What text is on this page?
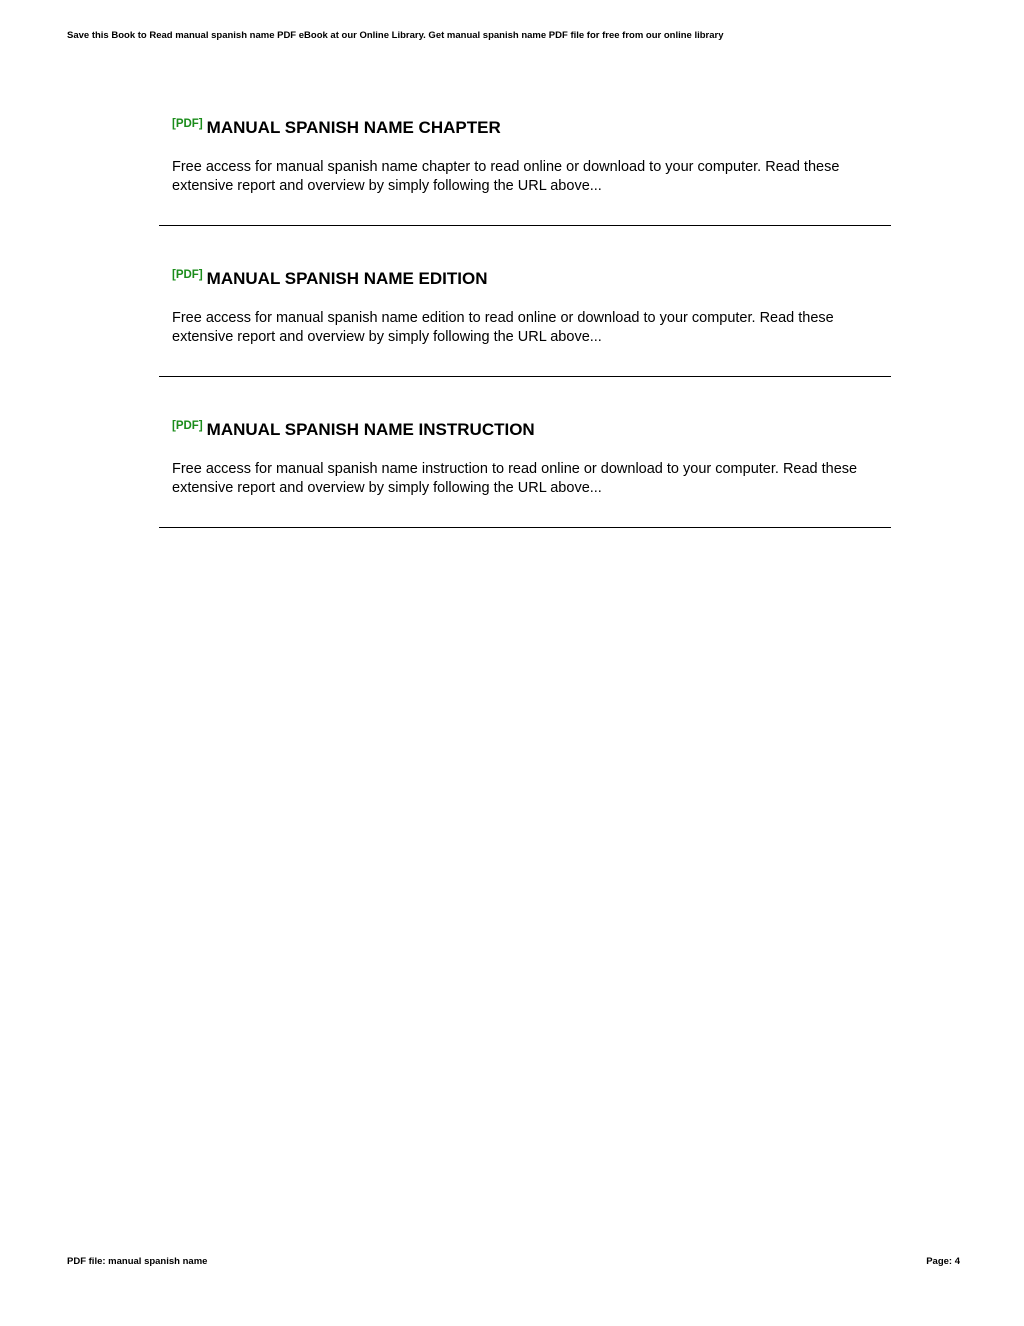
Save this Book to Read manual spanish name PDF eBook at our Online Library. Get manual spanish name PDF file for free from our online library
[PDF] MANUAL SPANISH NAME CHAPTER
Free access for manual spanish name chapter to read online or download to your computer. Read these extensive report and overview by simply following the URL above...
[PDF] MANUAL SPANISH NAME EDITION
Free access for manual spanish name edition to read online or download to your computer. Read these extensive report and overview by simply following the URL above...
[PDF] MANUAL SPANISH NAME INSTRUCTION
Free access for manual spanish name instruction to read online or download to your computer. Read these extensive report and overview by simply following the URL above...
PDF file: manual spanish name	Page: 4
